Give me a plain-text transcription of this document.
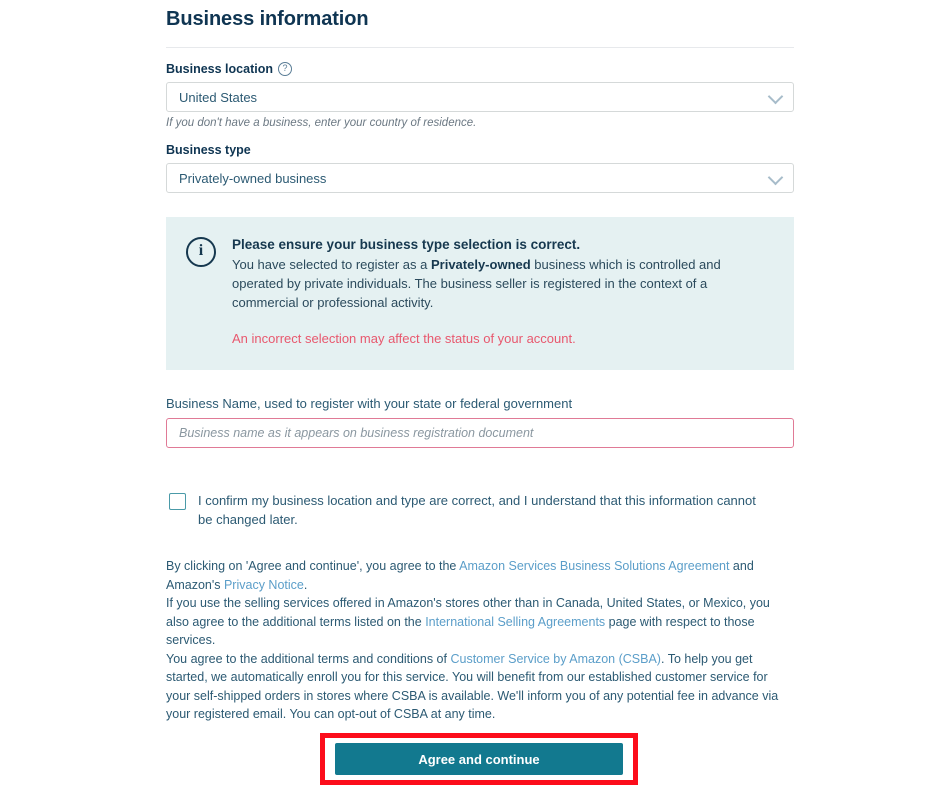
Business information
Business location	?
United States
If you don't have a business, enter your country of residence.
Business type
Privately-owned business
i	Please ensure your business type selection is correct.
You have selected to register as a Privately-owned business which is controlled and operated by private individuals. The business seller is registered in the context of a commercial or professional activity.
An incorrect selection may affect the status of your account.
Business Name, used to register with your state or federal government
Business name as it appears on business registration document
I confirm my business location and type are correct, and I understand that this information cannot be changed later.

By clicking on 'Agree and continue', you agree to the Amazon Services Business Solutions Agreement and Amazon's Privacy Notice.

If you use the selling services offered in Amazon's stores other than in Canada, United States, or Mexico, you also agree to the additional terms listed on the International Selling Agreements page with respect to those services.

You agree to the additional terms and conditions of Customer Service by Amazon (CSBA). To help you get started, we automatically enroll you for this service. You will benefit from our established customer service for your self-shipped orders in stores where CSBA is available. We'll inform you of any potential fee in advance via your registered email. You can opt-out of CSBA at any time.

Agree and continue
